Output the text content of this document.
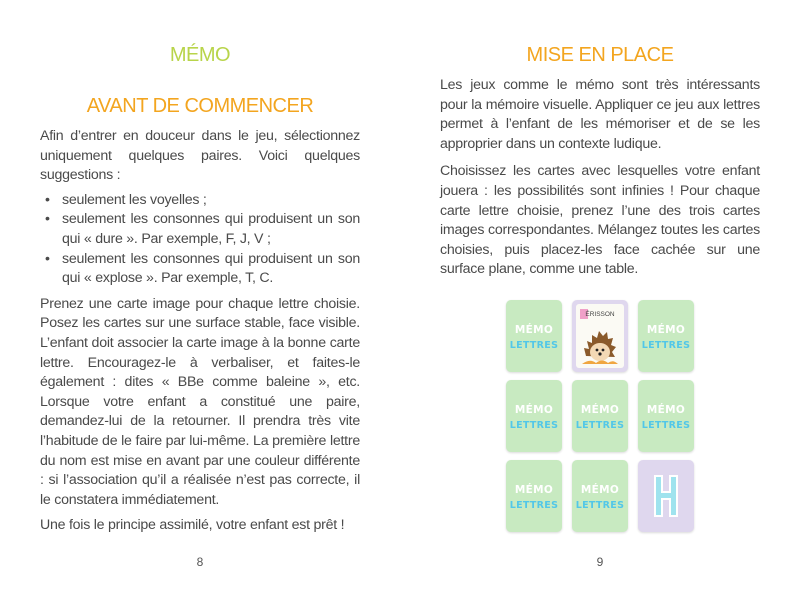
MÉMO
AVANT DE COMMENCER

Afin d’entrer en douceur dans le jeu, sélectionnez uniquement quelques paires. Voici quelques suggestions :

• seulement les voyelles ;
• seulement les consonnes qui produisent un son qui « dure ». Par exemple, F, J, V ;
• seulement les consonnes qui produisent un son qui « explose ». Par exemple, T, C.

Prenez une carte image pour chaque lettre choisie. Posez les cartes sur une surface stable, face visible. L’enfant doit associer la carte image à la bonne carte lettre. Encouragez-le à verbaliser, et faites-le également : dites « BBe comme baleine », etc. Lorsque votre enfant a constitué une paire, demandez-lui de la retourner. Il prendra très vite l’habitude de le faire par lui-même. La première lettre du nom est mise en avant par une couleur différente : si l’association qu’il a réalisée n’est pas correcte, il le constatera immédiatement.

Une fois le principe assimilé, votre enfant est prêt !

8
MISE EN PLACE

Les jeux comme le mémo sont très intéressants pour la mémoire visuelle. Appliquer ce jeu aux lettres permet à l’enfant de les mémoriser et de se les approprier dans un contexte ludique.

Choisissez les cartes avec lesquelles votre enfant jouera : les possibilités sont infinies ! Pour chaque carte lettre choisie, prenez l’une des trois cartes images correspondantes. Mélangez toutes les cartes choisies, puis placez-les face cachée sur une surface plane, comme une table.

9
MÉMO
LETTRES
ÉRISSON
MÉMO
LETTRES
MÉMO
LETTRES
MÉMO
LETTRES
MÉMO
LETTRES
MÉMO
LETTRES
MÉMO
LETTRES	H
